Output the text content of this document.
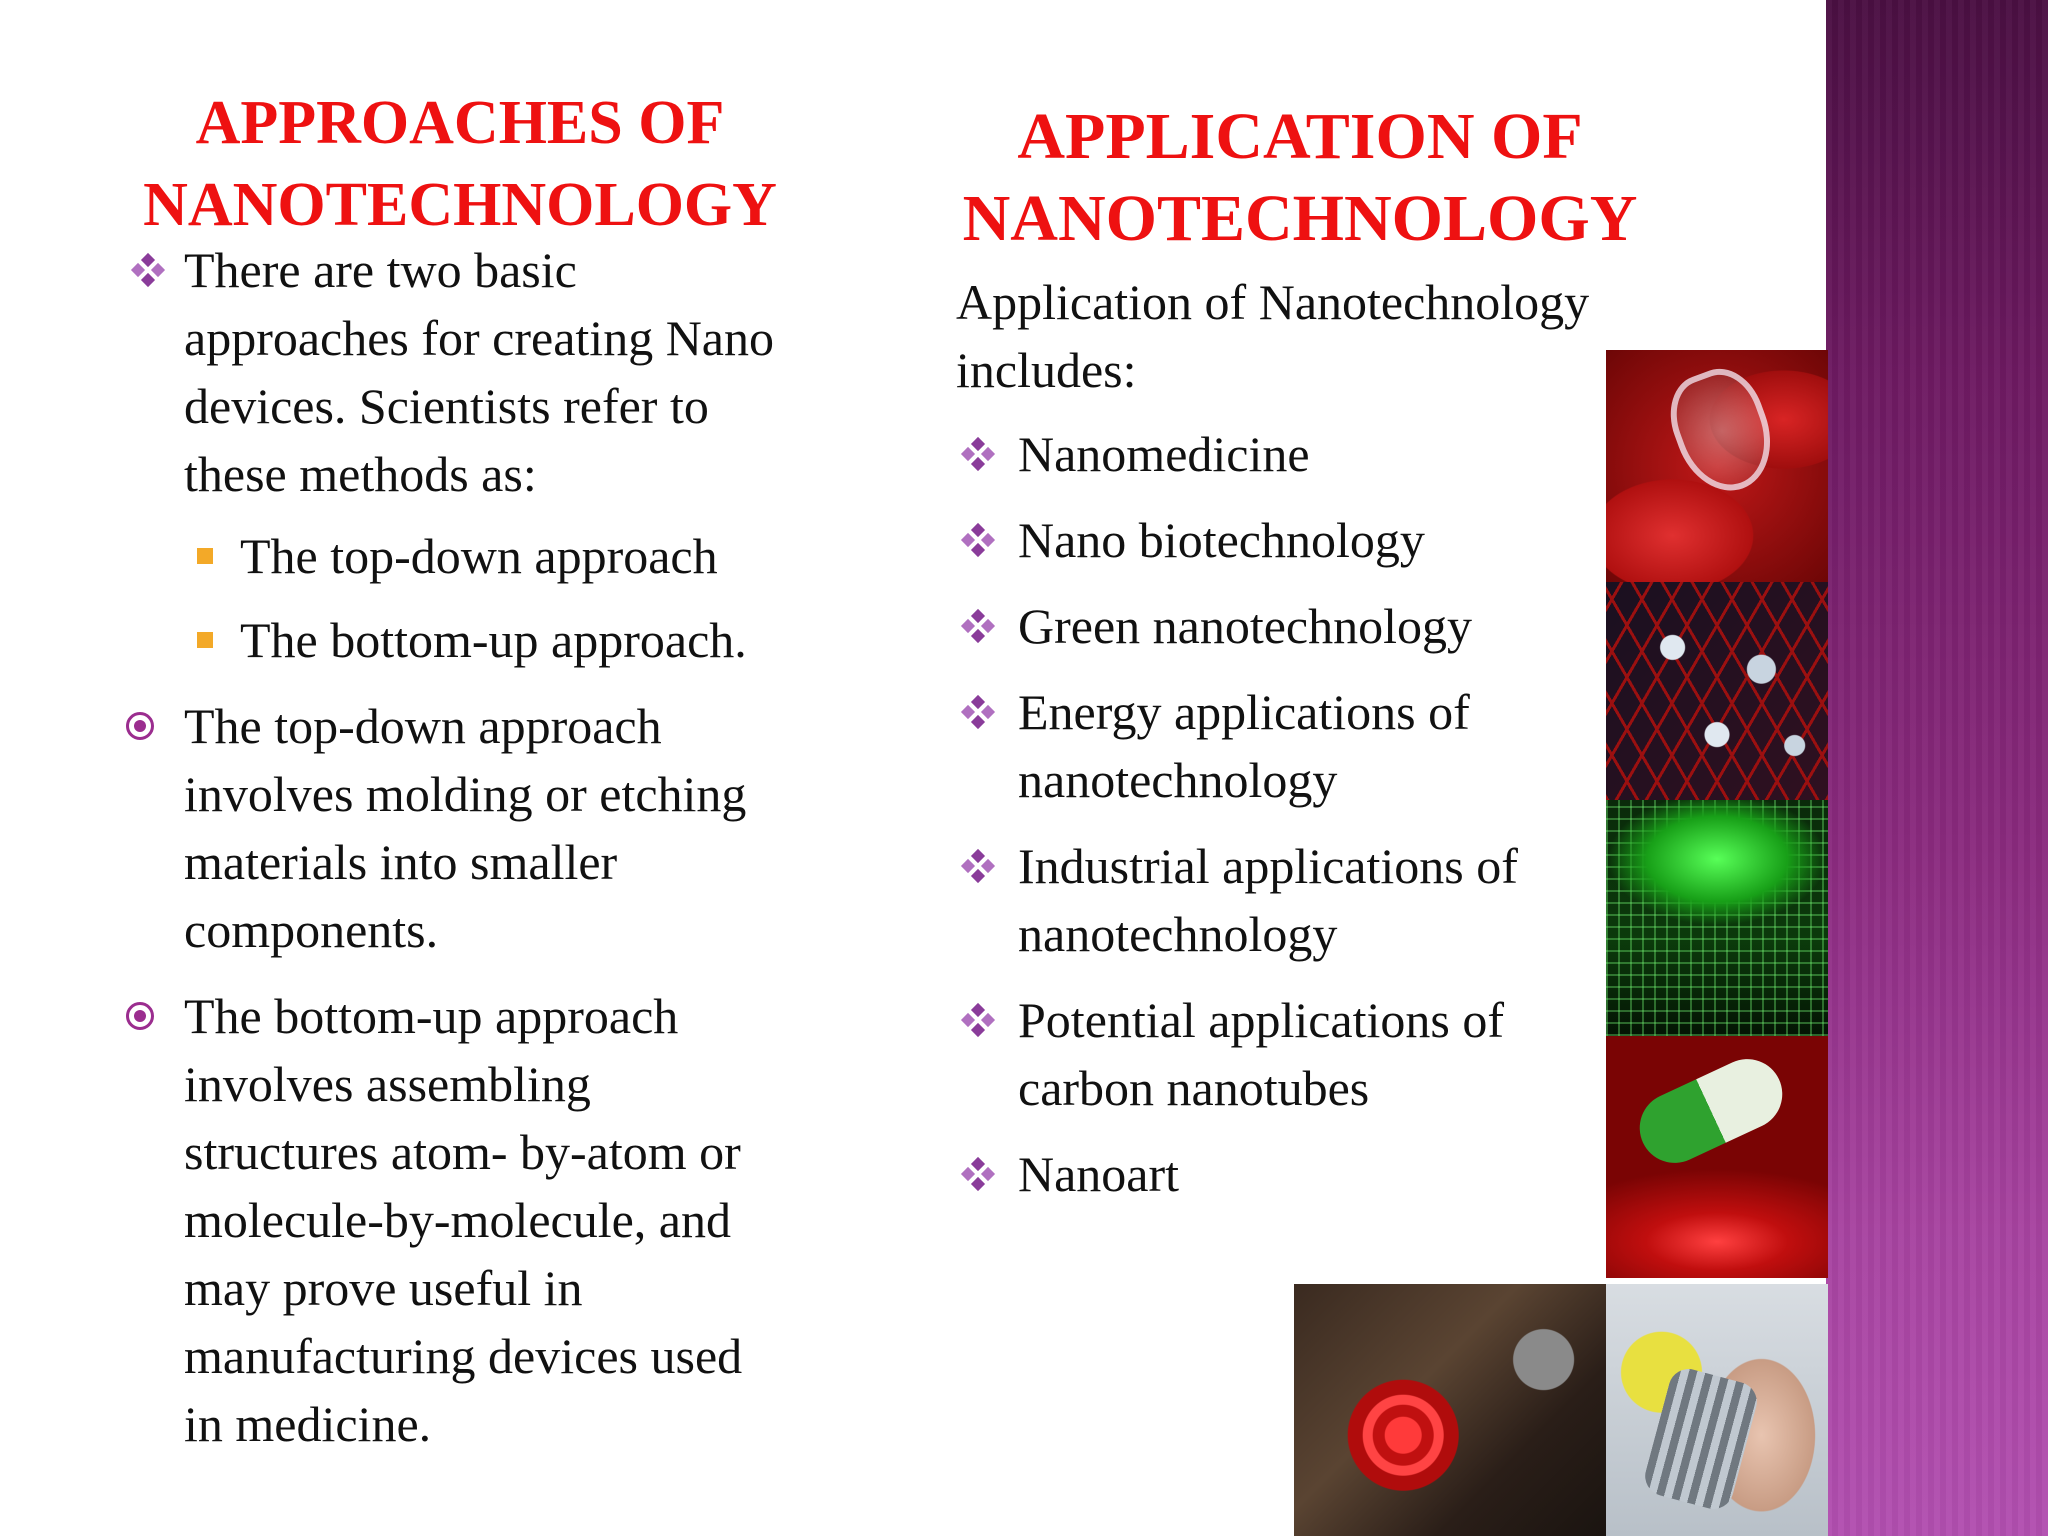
APPROACHES OF
NANOTECHNOLOGY
There are two basic
approaches for creating Nano
devices. Scientists refer to
these methods as:
The top-down approach
The bottom-up approach.
The top-down approach
involves molding or etching
materials into smaller
components.
The bottom-up approach
involves assembling
structures atom- by-atom or
molecule-by-molecule, and
may prove useful in
manufacturing devices used
in medicine.
APPLICATION OF
NANOTECHNOLOGY
Application of Nanotechnology
includes:
Nanomedicine
Nano biotechnology
Green nanotechnology
Energy applications of
nanotechnology
Industrial applications of
nanotechnology
Potential applications of
carbon nanotubes
Nanoart
